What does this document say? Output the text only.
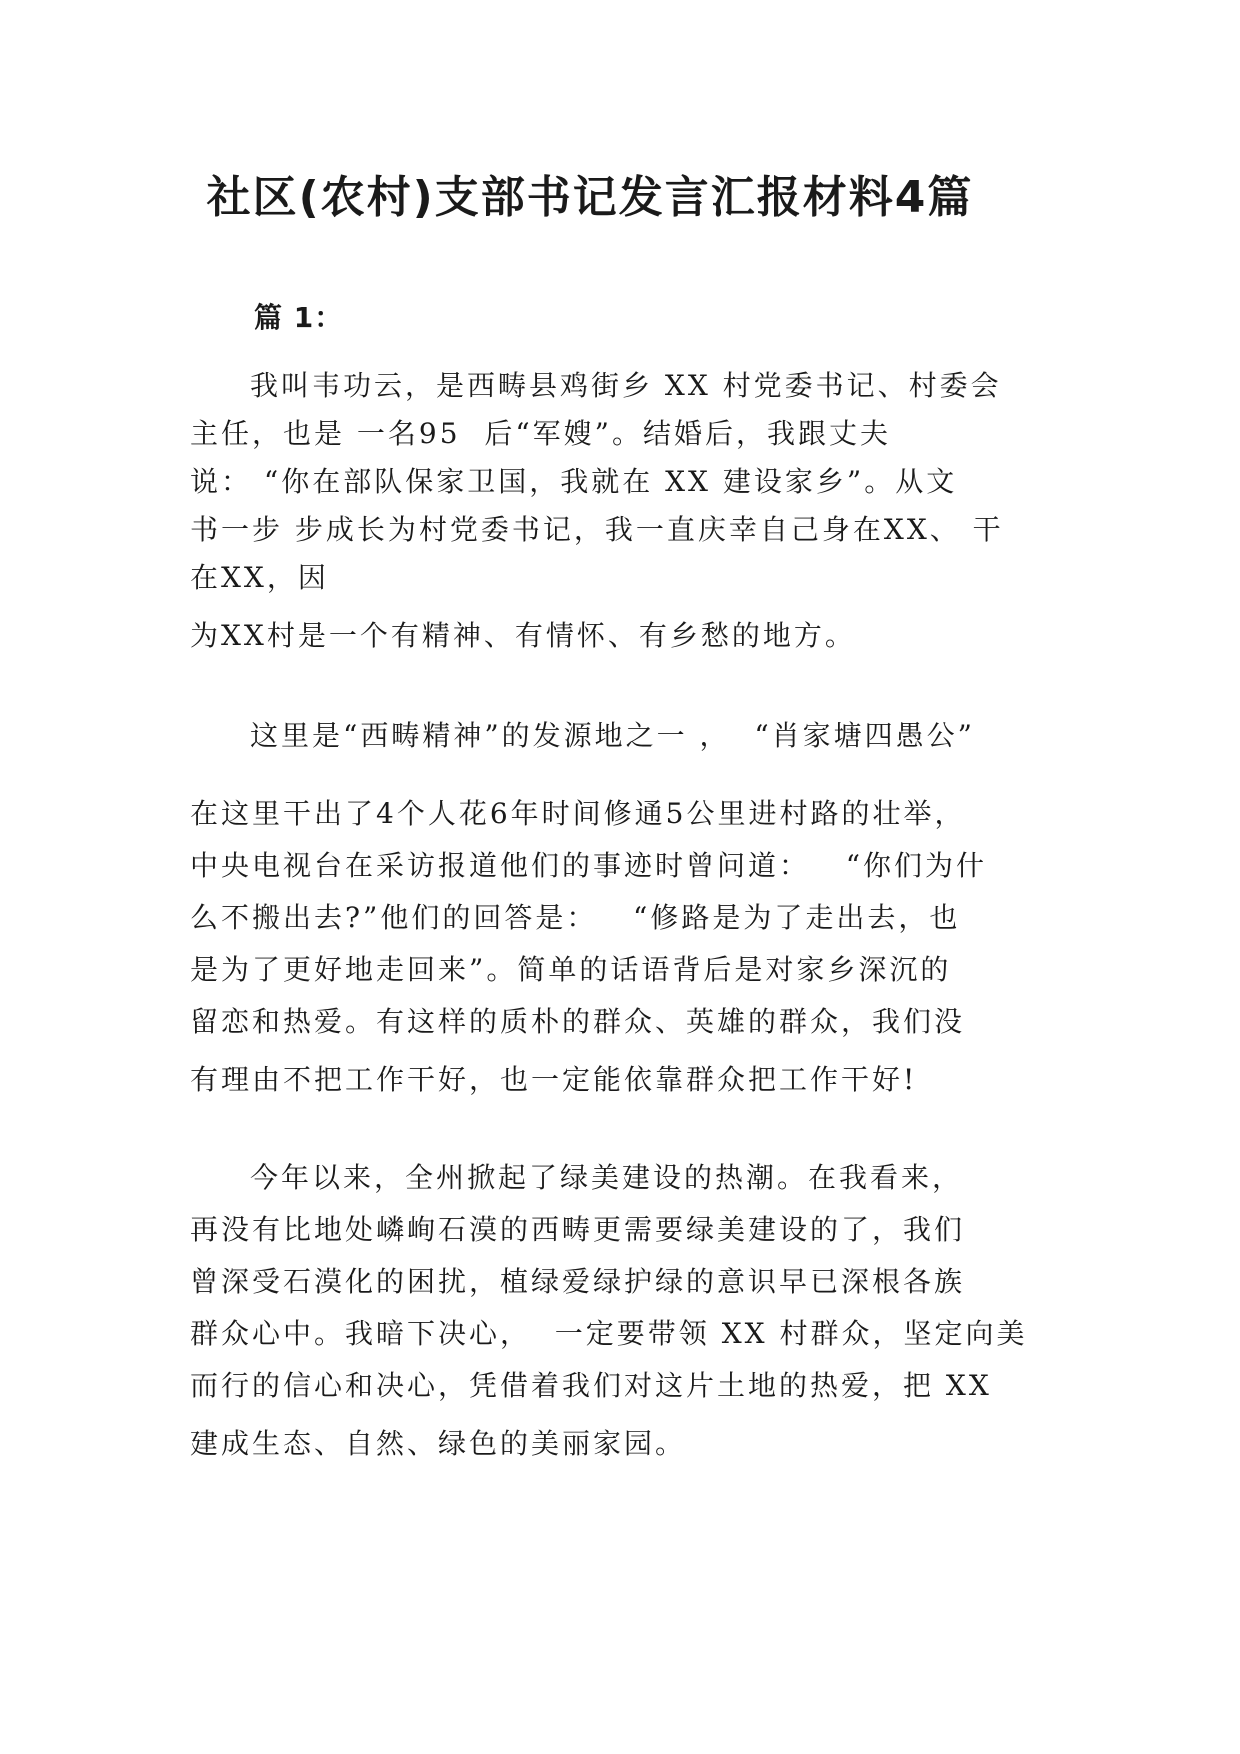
社区(农村)支部书记发言汇报材料4篇
篇 1：
我叫韦功云，是西畴县鸡街乡 XX 村党委书记、村委会
主任，也是 一名95  后“军嫂”。结婚后，我跟丈夫
说： “你在部队保家卫国，我就在 XX 建设家乡”。从文
书一步 步成长为村党委书记，我一直庆幸自己身在XX、 干
在XX，因
为XX村是一个有精神、有情怀、有乡愁的地方。
这里是“西畴精神”的发源地之一 ，  “肖家塘四愚公”
在这里干出了4个人花6年时间修通5公里进村路的壮举，
中央电视台在采访报道他们的事迹时曾问道：   “你们为什
么不搬出去?”他们的回答是：   “修路是为了走出去，也
是为了更好地走回来”。简单的话语背后是对家乡深沉的
留恋和热爱。有这样的质朴的群众、英雄的群众，我们没
有理由不把工作干好，也一定能依靠群众把工作干好!
今年以来，全州掀起了绿美建设的热潮。在我看来，
再没有比地处嶙峋石漠的西畴更需要绿美建设的了，我们
曾深受石漠化的困扰，植绿爱绿护绿的意识早已深根各族
群众心中。我暗下决心，  一定要带领 XX 村群众，坚定向美
而行的信心和决心，凭借着我们对这片土地的热爱，把 XX
建成生态、自然、绿色的美丽家园。
